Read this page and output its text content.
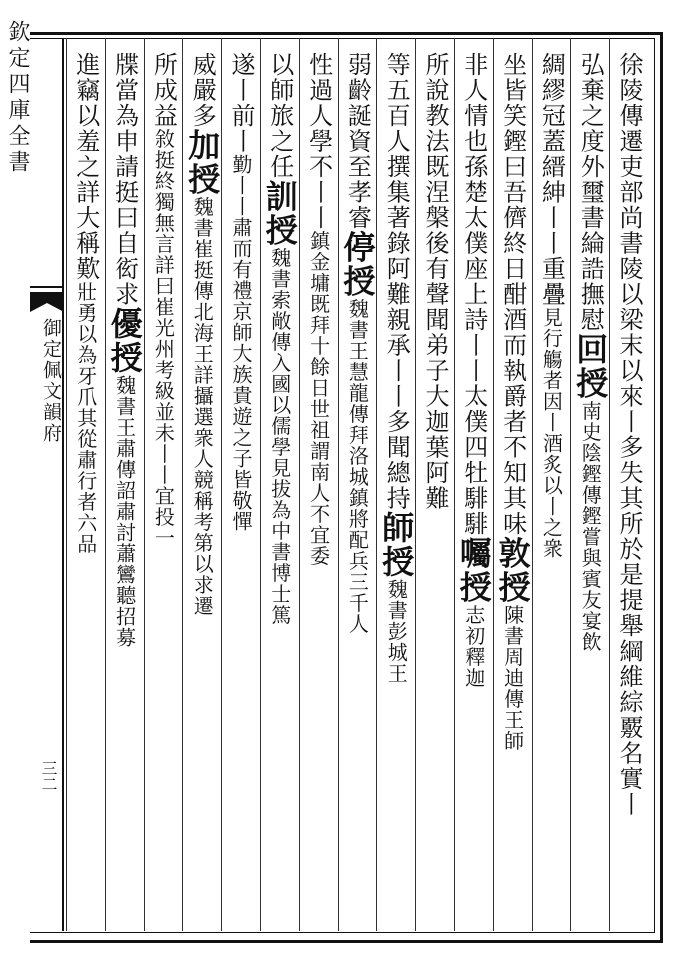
欽定四庫全書
御定佩文韻府
三二	徐陵傳遷吏部尚書陵以梁末以來丨多失其所於是提舉綱維綜覈名實丨
弘棄之度外璽書綸誥撫慰回授南史陰鏗傳鏗嘗與賓友宴飲
綢繆冠蓋縉紳丨丨重疊見行觴者因丨酒炙以丨之衆
坐皆笑鏗曰吾儕終日酣酒而執爵者不知其味敦授陳書周迪傳王師
非人情也孫楚太僕座上詩丨丨太僕四牡騑騑囑授志初釋迦
所說教法既涅槃後有聲聞弟子大迦葉阿難
等五百人撰集著錄阿難親承丨丨多聞總持師授魏書彭城王
弱齡誕資至孝睿停授魏書王慧龍傳拜洛城鎮將配兵三千人
性過人學不丨丨鎮金墉既拜十餘日世祖謂南人不宜委
以師旅之任訓授魏書索敞傳入國以儒學見拔為中書博士篤
遂丨前丨勤丨丨肅而有禮京師大族貴遊之子皆敬憚
威嚴多加授魏書崔挺傳北海王詳攝選衆人競稱考第以求遷
所成益敘挺終獨無言詳曰崔光州考級並未丨丨宜投一
牒當為申請挺曰自衒求優授魏書王肅傳詔肅討蕭鸞聽招募
進竊以羞之詳大稱歎壯勇以為牙爪其從肅行者六品
